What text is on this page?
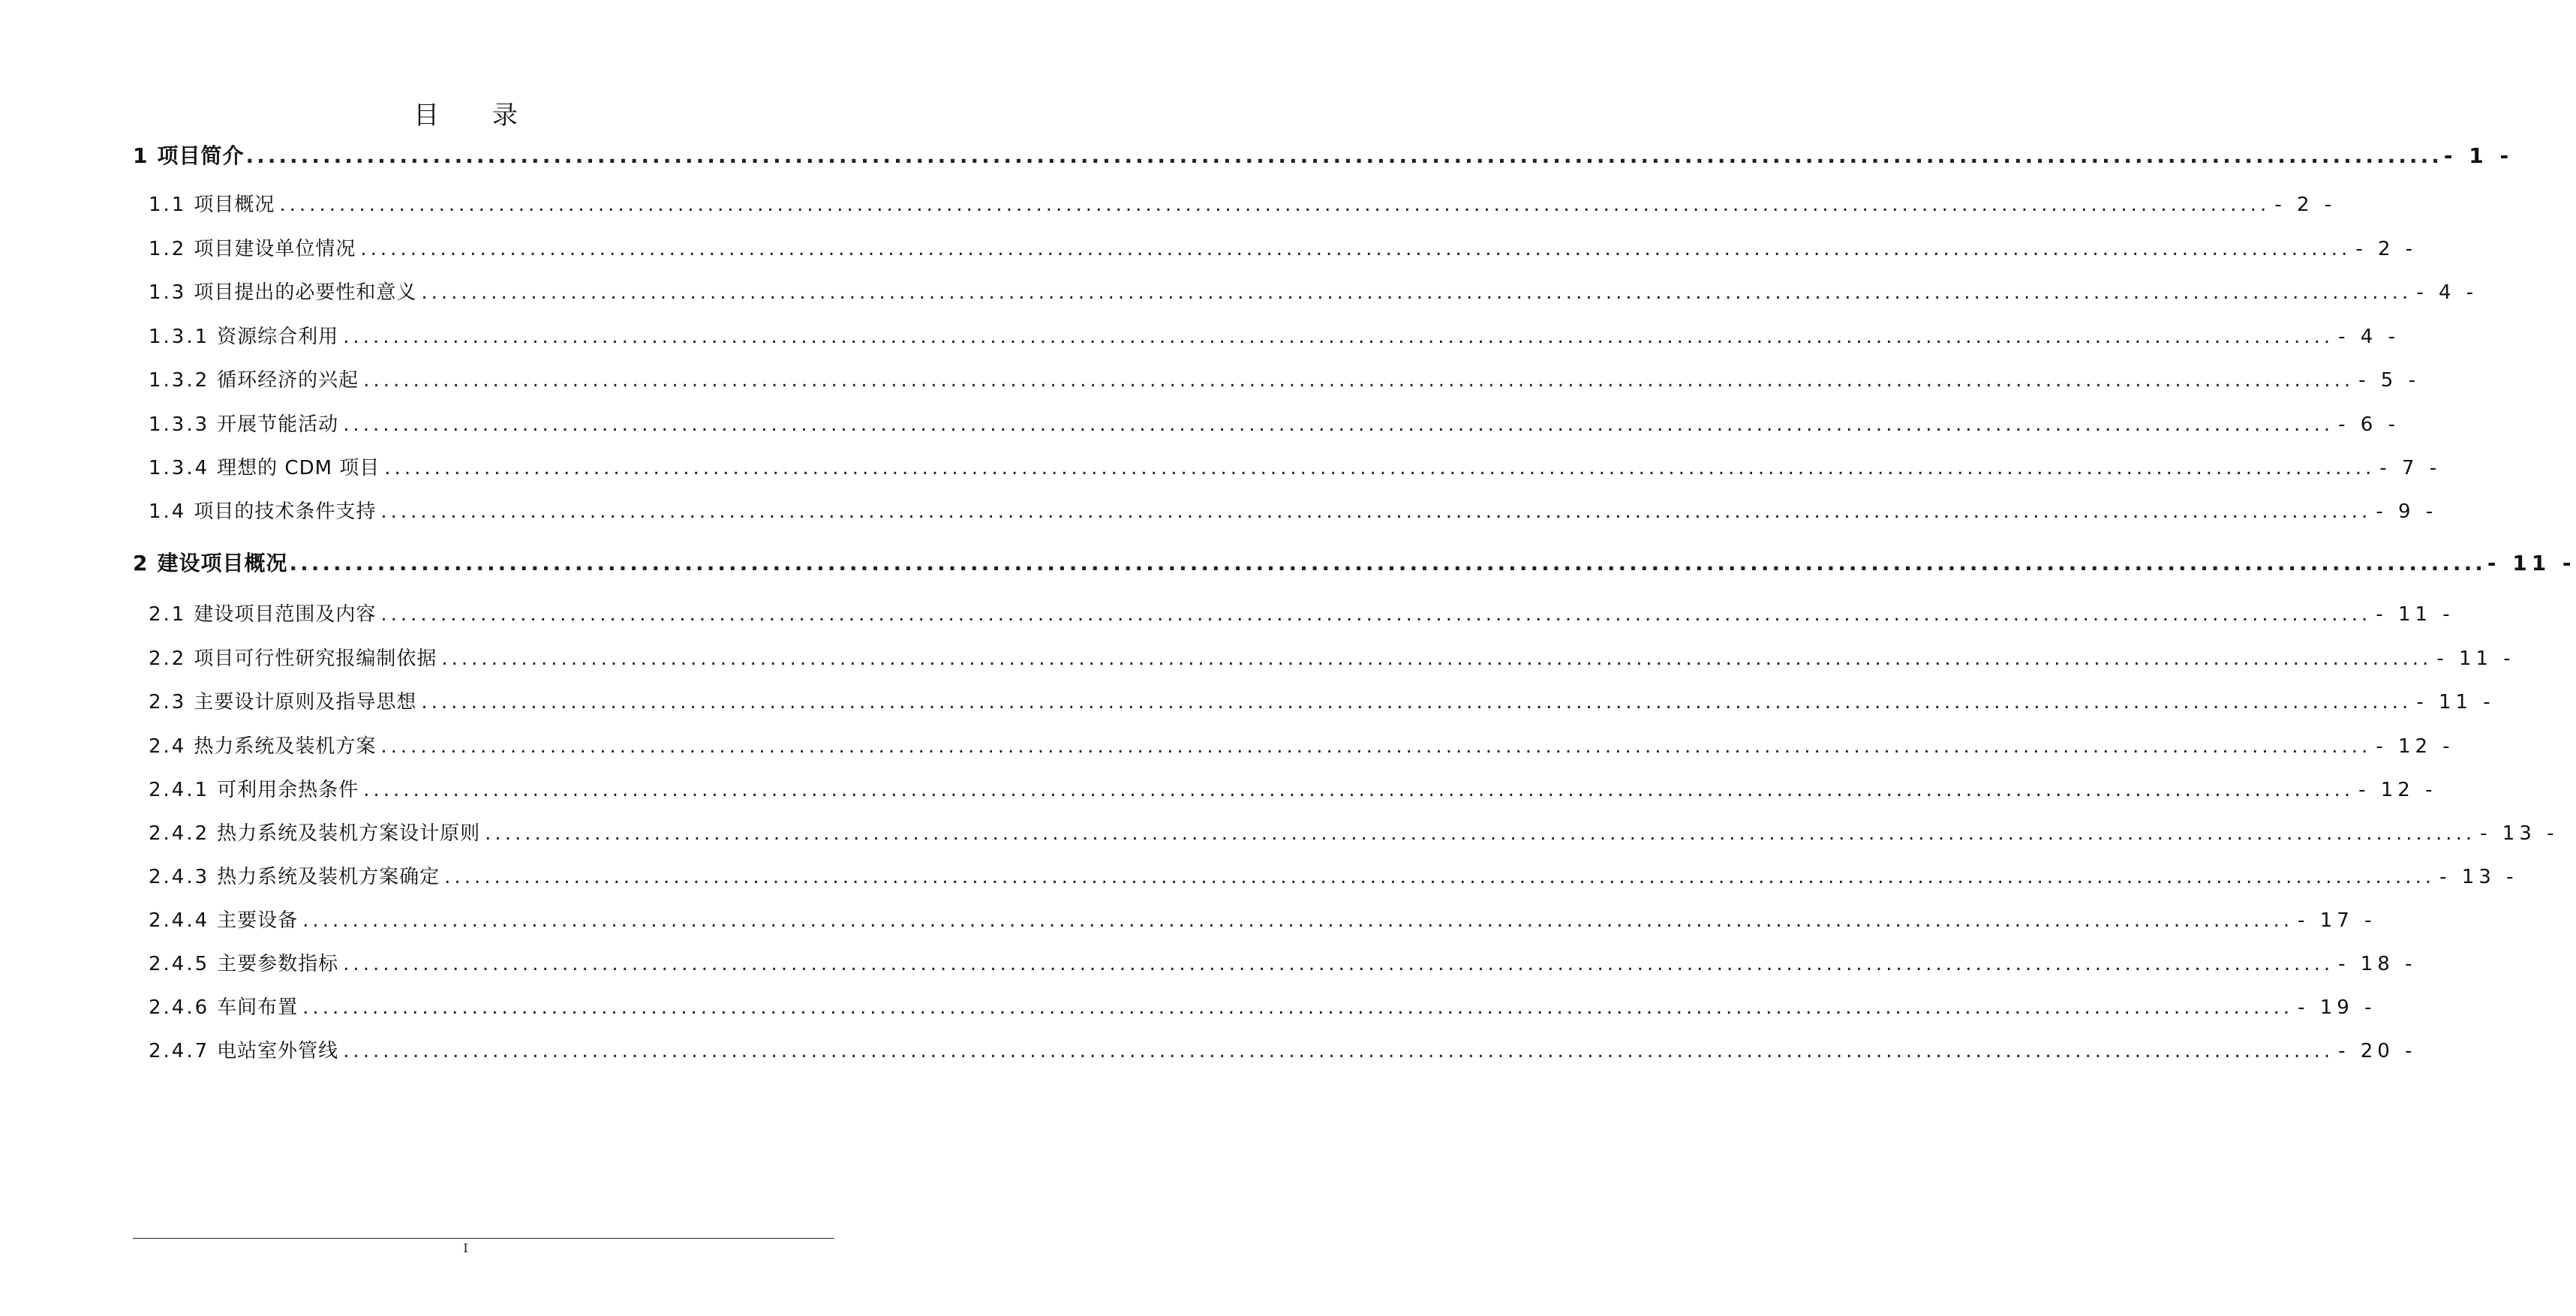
目 录
1 项目简介 ........................................................................................................................................................................................................ - 1 -
1.1 项目概况 ........................................................................................................................................................................................................ - 2 -
1.2 项目建设单位情况 ........................................................................................................................................................................................................ - 2 -
1.3 项目提出的必要性和意义 ........................................................................................................................................................................................................ - 4 -
1.3.1 资源综合利用 ........................................................................................................................................................................................................ - 4 -
1.3.2 循环经济的兴起 ........................................................................................................................................................................................................ - 5 -
1.3.3 开展节能活动 ........................................................................................................................................................................................................ - 6 -
1.3.4 理想的 CDM 项目 ........................................................................................................................................................................................................ - 7 -
1.4 项目的技术条件支持 ........................................................................................................................................................................................................ - 9 -
2 建设项目概况 ........................................................................................................................................................................................................ - 11 -
2.1 建设项目范围及内容 ........................................................................................................................................................................................................ - 11 -
2.2 项目可行性研究报编制依据 ........................................................................................................................................................................................................ - 11 -
2.3 主要设计原则及指导思想 ........................................................................................................................................................................................................ - 11 -
2.4 热力系统及装机方案 ........................................................................................................................................................................................................ - 12 -
2.4.1 可利用余热条件 ........................................................................................................................................................................................................ - 12 -
2.4.2 热力系统及装机方案设计原则 ........................................................................................................................................................................................................ - 13 -
2.4.3 热力系统及装机方案确定 ........................................................................................................................................................................................................ - 13 -
2.4.4 主要设备 ........................................................................................................................................................................................................ - 17 -
2.4.5 主要参数指标 ........................................................................................................................................................................................................ - 18 -
2.4.6 车间布置 ........................................................................................................................................................................................................ - 19 -
2.4.7 电站室外管线 ........................................................................................................................................................................................................ - 20 -
I
